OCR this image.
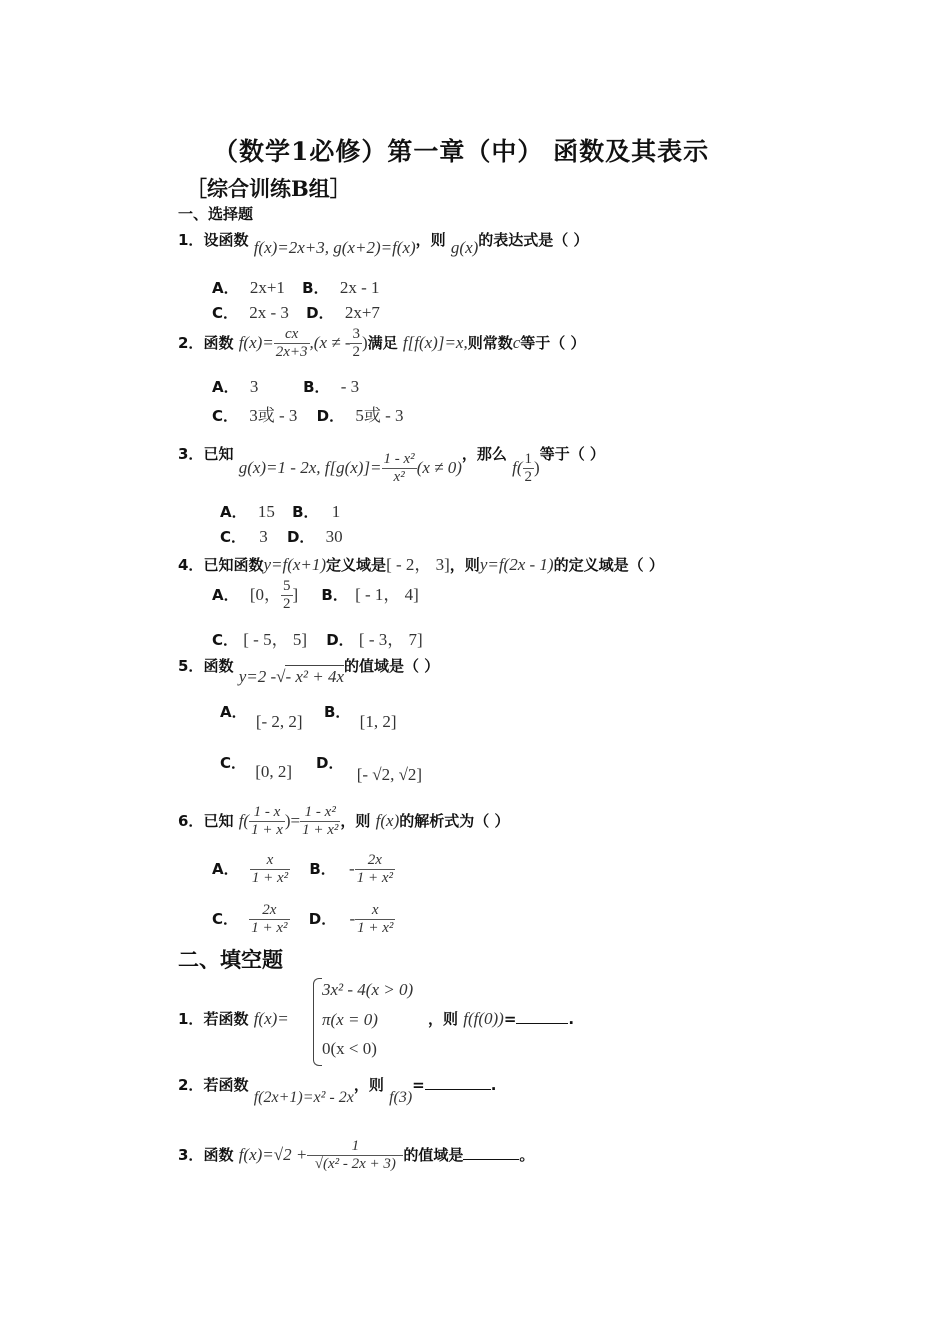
（数学1必修）第一章（中） 函数及其表示
［综合训练B组］
一、选择题
1．设函数 f(x)=2x+3, g(x+2)=f(x)，则 g(x)的表达式是（ ）
A． 2x+1 B． 2x - 1
C． 2x - 3 D． 2x+7
2．函数 $f(x)= \frac{cx}{2x+3} ,(x$ ≠ - $\frac{3}{2}$ )满足 f[f(x)]=x,则常数c等于（ ）
A． 3	B． - 3
C． 3或 - 3 D． 5或 - 3
3．已知 g(x)=1 - 2x, $f[g(x)]= \frac{\text{1 - x²}}{\text{x²}} (x \ne 0)$，那么 $f( \frac{1}{2}$ )等于（ ）
A． 15 B． 1
C． 3 D． 30
4．已知函数y=f(x+1)定义域是[ - 2， 3]，则y=f(2x - 1)的定义域是（ ）
A． [0， $\frac{5}{2}$ ] B． [ - 1， 4]
C． [ - 5， 5] D． [ - 3， 7]
5．函数 y=2 -√- x² + 4x的值域是（ ）
A． [- 2, 2] B． [1, 2]
C． [0, 2] D． [- √2, √2]
6．已知 $f( \frac{1 - x}{1 + x}$ )= $\frac{\text{1 - x²}}{\text{1 + x²}}$ ，则 f(x)的解析式为（ ）
A． $\frac{x}{\text{1 + x²}}$ B． - $\frac{2x}{\text{1 + x²}}$
C． $\frac{2x}{\text{1 + x²}}$ D． - $\frac{x}{\text{1 + x²}}$
二、填空题
1．若函数 f(x)=
3x² - 4(x > 0)
π(x = 0)
0(x < 0)
，则 f(f(0))=	.
2．若函数 f(2x+1)=x² - 2x，则 f(3)=	.
3．函数 $f(x)=√2 + \frac{1}{\text{√(x² - 2x + 3)}}$ 的值域是	。
